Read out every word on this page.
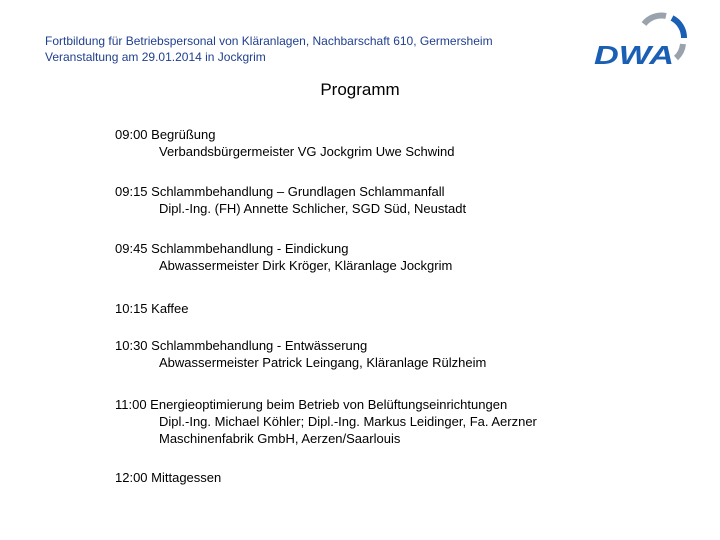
Fortbildung für Betriebspersonal von Kläranlagen, Nachbarschaft 610, Germersheim
Veranstaltung am 29.01.2014 in Jockgrim	DWA
Programm
09:00 Begrüßung
Verbandsbürgermeister VG Jockgrim Uwe Schwind
09:15 Schlammbehandlung – Grundlagen Schlammanfall
Dipl.-Ing. (FH) Annette Schlicher, SGD Süd, Neustadt
09:45 Schlammbehandlung - Eindickung
Abwassermeister Dirk Kröger, Kläranlage Jockgrim
10:15 Kaffee
10:30 Schlammbehandlung - Entwässerung
Abwassermeister Patrick Leingang, Kläranlage Rülzheim
11:00 Energieoptimierung beim Betrieb von Belüftungseinrichtungen
Dipl.-Ing. Michael Köhler; Dipl.-Ing. Markus Leidinger, Fa. Aerzner
Maschinenfabrik GmbH, Aerzen/Saarlouis
12:00 Mittagessen
